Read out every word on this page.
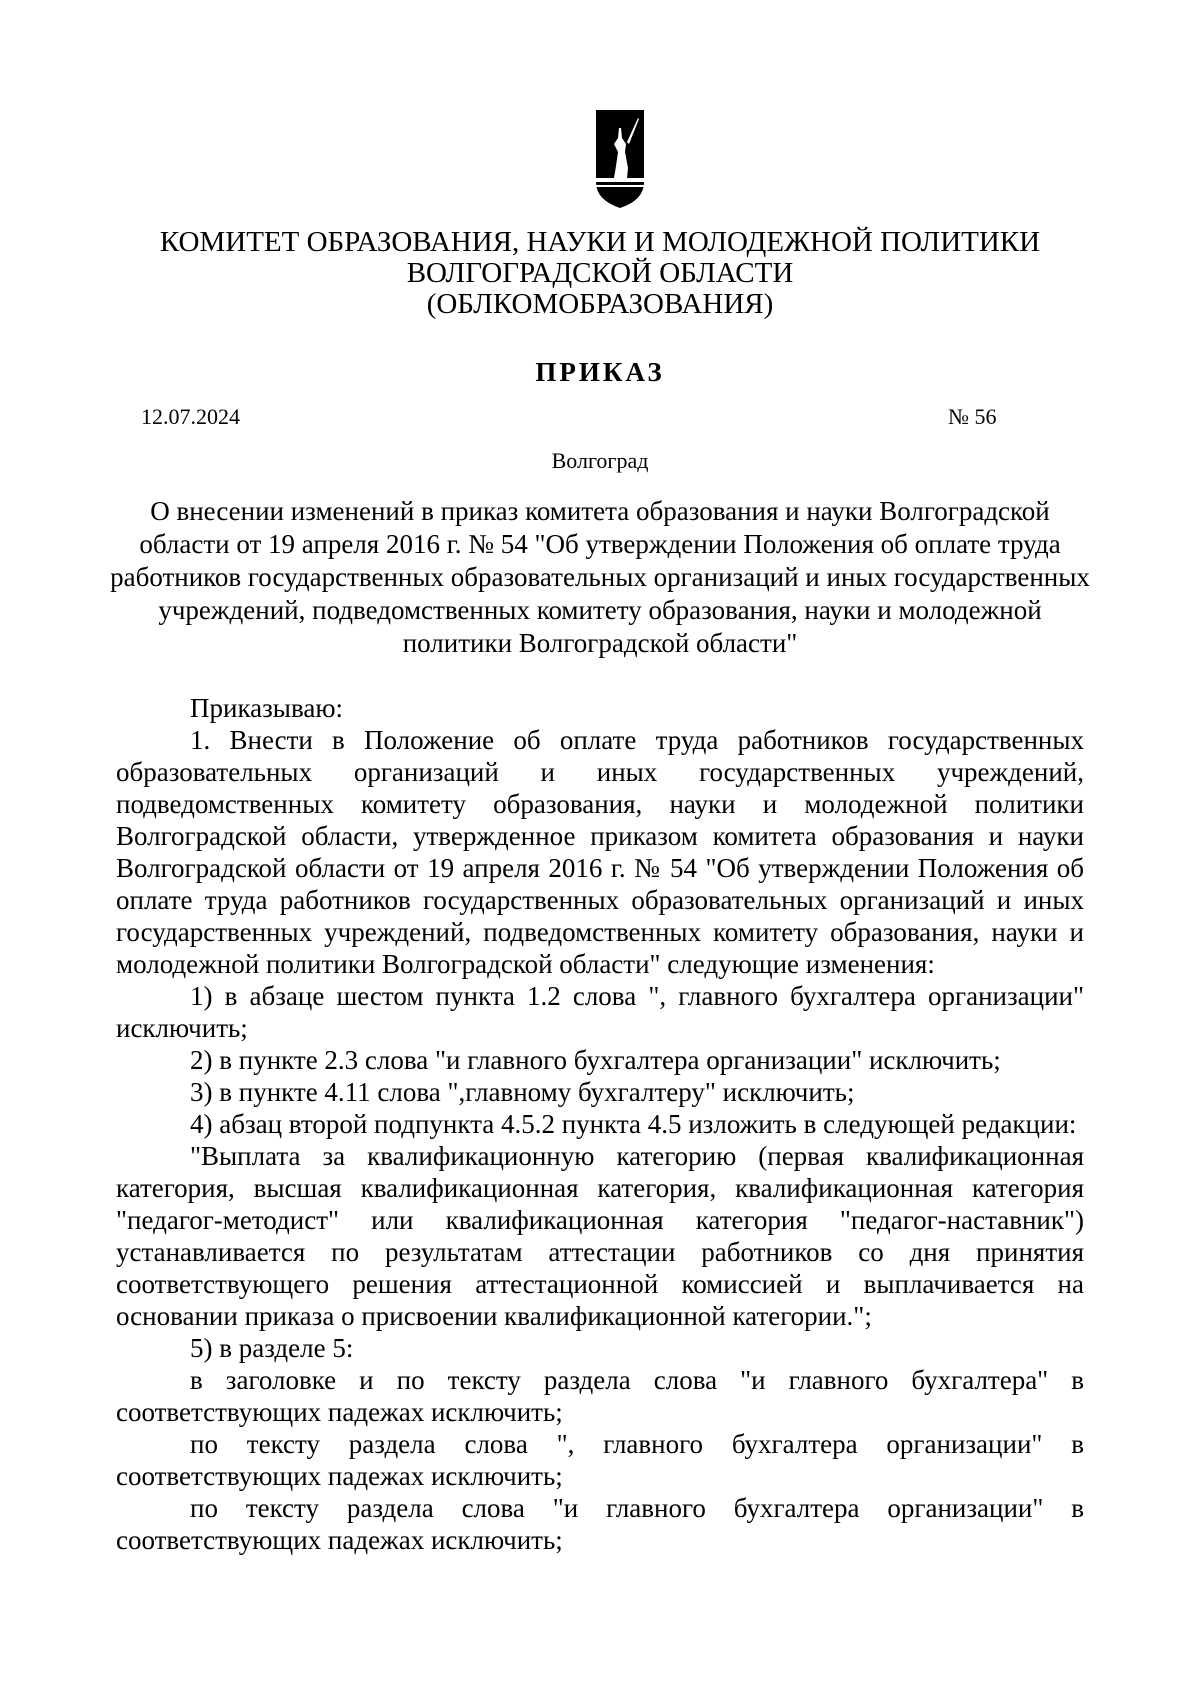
КОМИТЕТ ОБРАЗОВАНИЯ, НАУКИ И МОЛОДЕЖНОЙ ПОЛИТИКИ
ВОЛГОГРАДСКОЙ ОБЛАСТИ
(ОБЛКОМОБРАЗОВАНИЯ)
ПРИКАЗ
12.07.2024	№ 56
Волгоград
О внесении изменений в приказ комитета образования и науки Волгоградской области от 19 апреля 2016 г. № 54 "Об утверждении Положения об оплате труда работников государственных образовательных организаций и иных государственных учреждений, подведомственных комитету образования, науки и молодежной политики Волгоградской области"

Приказываю:

1. Внести в Положение об оплате труда работников государственных образовательных организаций и иных государственных учреждений, подведомственных комитету образования, науки и молодежной политики Волгоградской области, утвержденное приказом комитета образования и науки Волгоградской области от 19 апреля 2016 г. № 54 "Об утверждении Положения об оплате труда работников государственных образовательных организаций и иных государственных учреждений, подведомственных комитету образования, науки и молодежной политики Волгоградской области" следующие изменения:

1) в абзаце шестом пункта 1.2 слова ", главного бухгалтера организации" исключить;

2) в пункте 2.3 слова "и главного бухгалтера организации" исключить;

3) в пункте 4.11 слова ",главному бухгалтеру" исключить;

4) абзац второй подпункта 4.5.2 пункта 4.5 изложить в следующей редакции:

"Выплата за квалификационную категорию (первая квалификационная категория, высшая квалификационная категория, квалификационная категория "педагог-методист" или квалификационная категория "педагог-наставник") устанавливается по результатам аттестации работников со дня принятия соответствующего решения аттестационной комиссией и выплачивается на основании приказа о присвоении квалификационной категории.";

5) в разделе 5:

в заголовке и по тексту раздела слова "и главного бухгалтера" в соответствующих падежах исключить;

по тексту раздела слова ", главного бухгалтера организации" в соответствующих падежах исключить;

по тексту раздела слова "и главного бухгалтера организации" в соответствующих падежах исключить;
